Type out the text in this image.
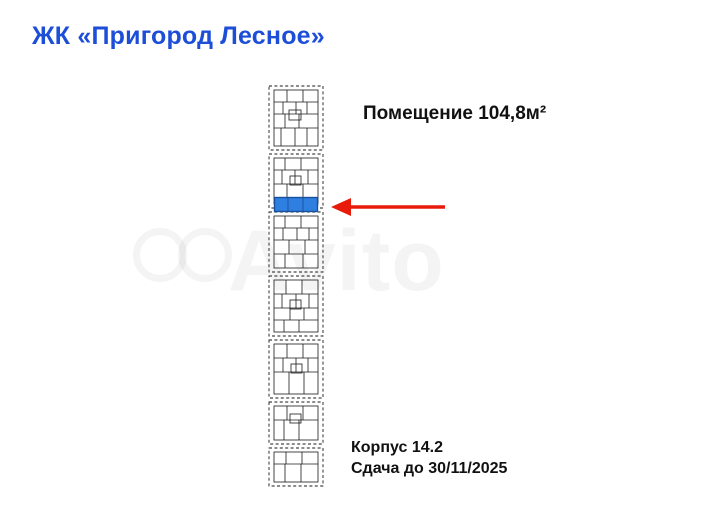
ЖК «Пригород Лесное»
Помещение 104,8м²
Корпус 14.2
Сдача до 30/11/2025
